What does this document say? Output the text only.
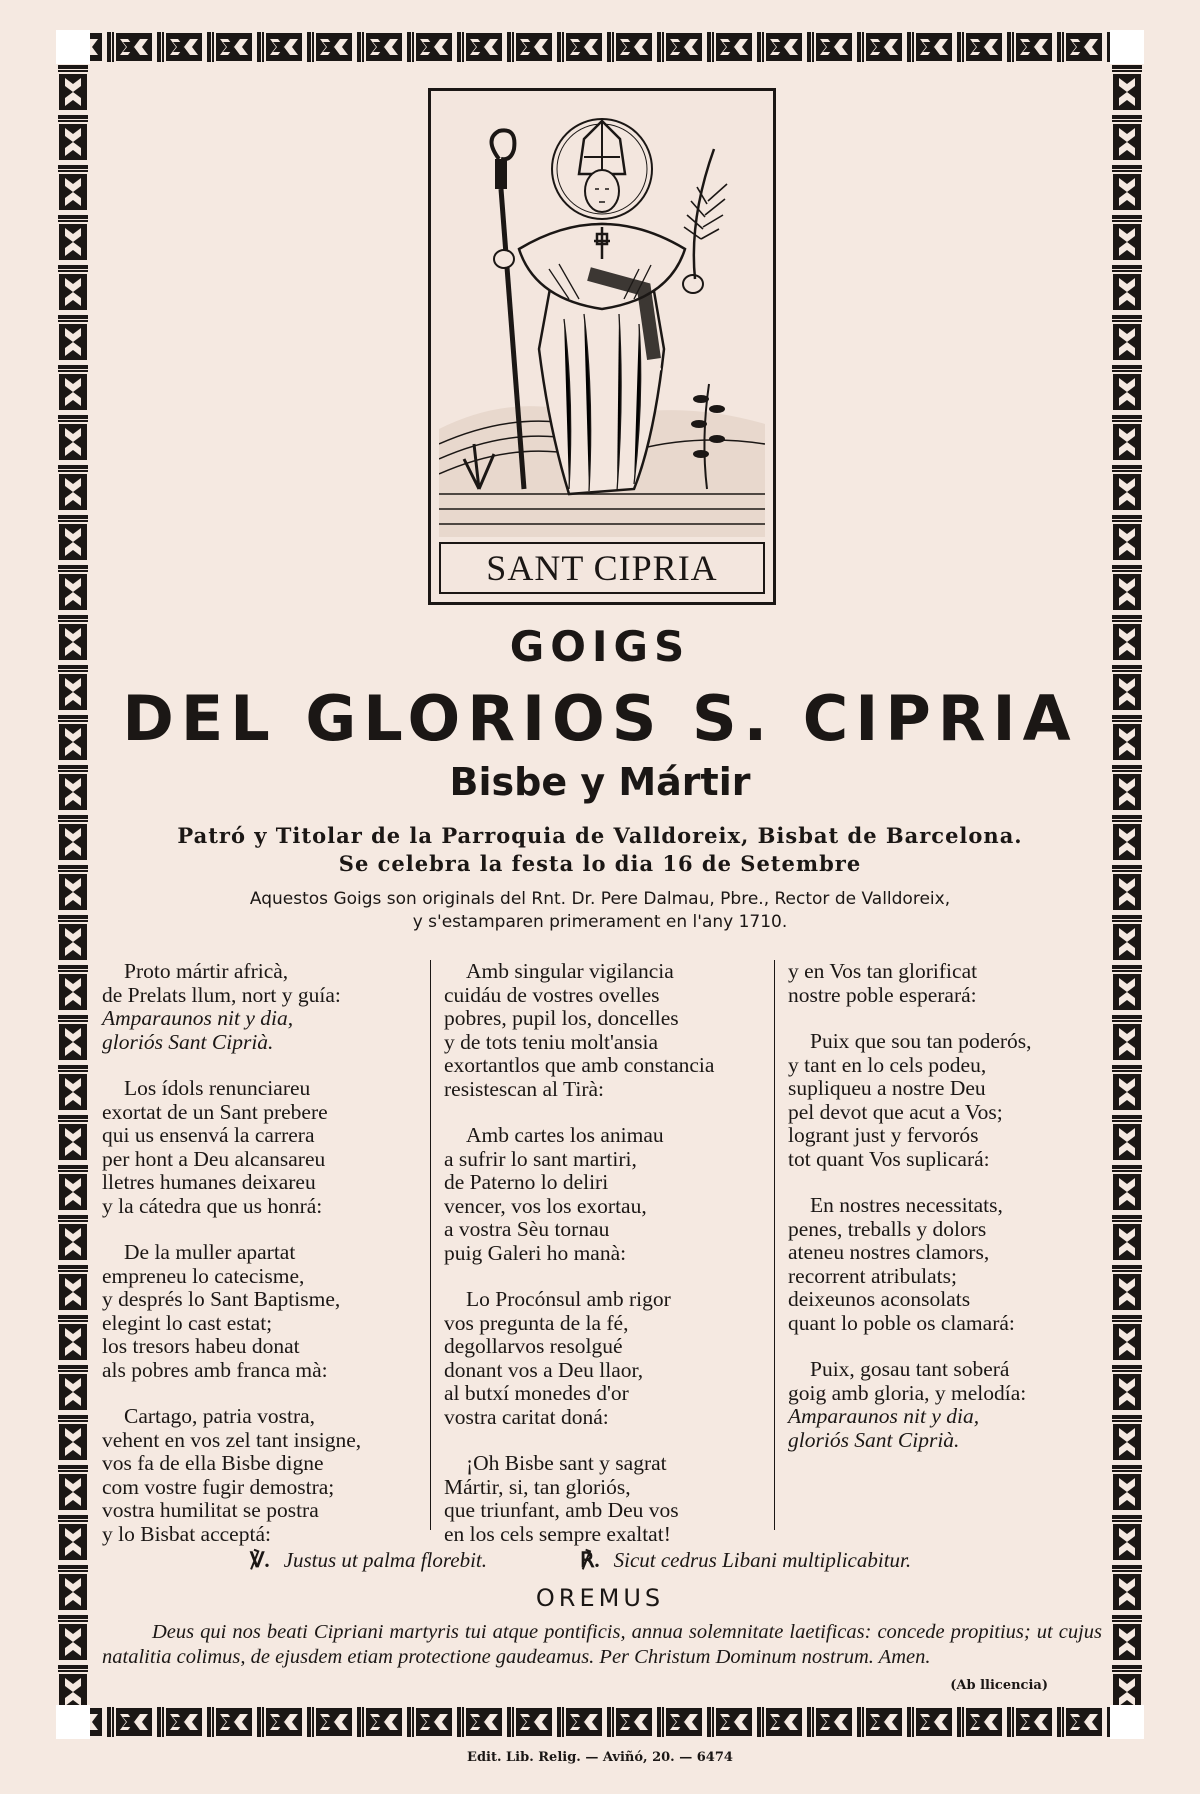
SANT CIPRIA
GOIGS
DEL GLORIOS S. CIPRIA
Bisbe y Mártir
Patró y Titolar de la Parroquia de Valldoreix, Bisbat de Barcelona.
Se celebra la festa lo dia 16 de Setembre
Aquestos Goigs son originals del Rnt. Dr. Pere Dalmau, Pbre., Rector de Valldoreix,
y s'estamparen primerament en l'any 1710.
Proto mártir africà,
de Prelats llum, nort y guía:
Amparaunos nit y dia,
gloriós Sant Ciprià.
Los ídols renunciareu
exortat de un Sant prebere
qui us ensenvá la carrera
per hont a Deu alcansareu
lletres humanes deixareu
y la cátedra que us honrá:
De la muller apartat
empreneu lo catecisme,
y després lo Sant Baptisme,
elegint lo cast estat;
los tresors habeu donat
als pobres amb franca mà:
Cartago, patria vostra,
vehent en vos zel tant insigne,
vos fa de ella Bisbe digne
com vostre fugir demostra;
vostra humilitat se postra
y lo Bisbat acceptá:
Amb singular vigilancia
cuidáu de vostres ovelles
pobres, pupil los, doncelles
y de tots teniu molt'ansia
exortantlos que amb constancia
resistescan al Tirà:
Amb cartes los animau
a sufrir lo sant martiri,
de Paterno lo deliri
vencer, vos los exortau,
a vostra Sèu tornau
puig Galeri ho manà:
Lo Procónsul amb rigor
vos pregunta de la fé,
degollarvos resolgué
donant vos a Deu llaor,
al butxí monedes d'or
vostra caritat doná:
¡Oh Bisbe sant y sagrat
Mártir, si, tan gloriós,
que triunfant, amb Deu vos
en los cels sempre exaltat!
y en Vos tan glorificat
nostre poble esperará:
Puix que sou tan poderós,
y tant en lo cels podeu,
supliqueu a nostre Deu
pel devot que acut a Vos;
logrant just y fervorós
tot quant Vos suplicará:
En nostres necessitats,
penes, treballs y dolors
ateneu nostres clamors,
recorrent atribulats;
deixeunos aconsolats
quant lo poble os clamará:
Puix, gosau tant soberá
goig amb gloria, y melodía:
Amparaunos nit y dia,
gloriós Sant Ciprià.
℣. Justus ut palma florebit.	℟. Sicut cedrus Libani multiplicabitur.
OREMUS
Deus qui nos beati Cipriani martyris tui atque pontificis, annua solemnitate laetificas: concede propitius; ut cujus natalitia colimus, de ejusdem etiam protectione gaudeamus. Per Christum Dominum nostrum. Amen.
(Ab llicencia)
Edit. Lib. Relig. — Aviñó, 20. — 6474
